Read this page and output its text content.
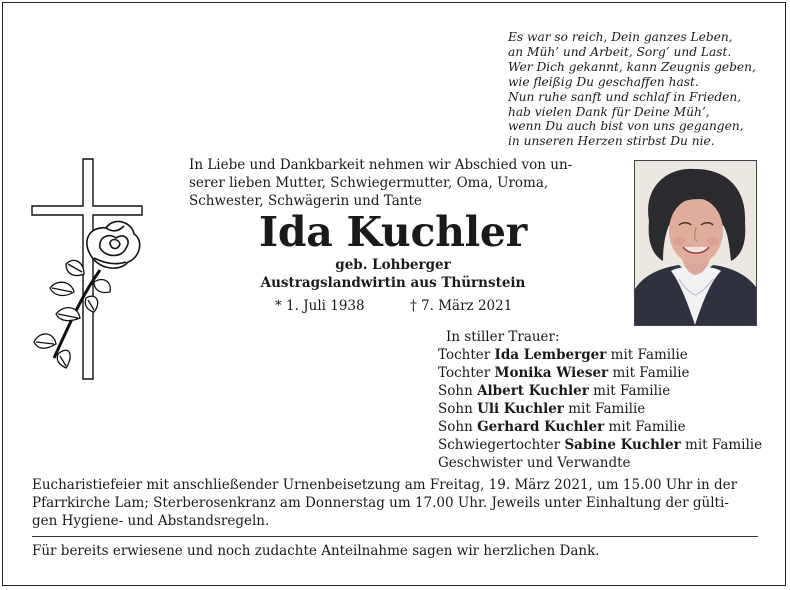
Es war so reich, Dein ganzes Leben,
an Müh’ und Arbeit, Sorg’ und Last.
Wer Dich gekannt, kann Zeugnis geben,
wie fleißig Du geschaffen hast.
Nun ruhe sanft und schlaf in Frieden,
hab vielen Dank für Deine Müh’,
wenn Du auch bist von uns gegangen,
in unseren Herzen stirbst Du nie.
In Liebe und Dankbarkeit nehmen wir Abschied von un-
serer lieben Mutter, Schwiegermutter, Oma, Uroma,
Schwester, Schwägerin und Tante
Ida Kuchler
geb. Lohberger
Austragslandwirtin aus Thürnstein
* 1. Juli 1938	† 7. März 2021
In stiller Trauer:
Tochter Ida Lemberger mit Familie
Tochter Monika Wieser mit Familie
Sohn Albert Kuchler mit Familie
Sohn Uli Kuchler mit Familie
Sohn Gerhard Kuchler mit Familie
Schwiegertochter Sabine Kuchler mit Familie
Geschwister und Verwandte
Eucharistiefeier mit anschließender Urnenbeisetzung am Freitag, 19. März 2021, um 15.00 Uhr in der
Pfarrkirche Lam; Sterberosenkranz am Donnerstag um 17.00 Uhr. Jeweils unter Einhaltung der gülti-
gen Hygiene- und Abstandsregeln.
Für bereits erwiesene und noch zudachte Anteilnahme sagen wir herzlichen Dank.
